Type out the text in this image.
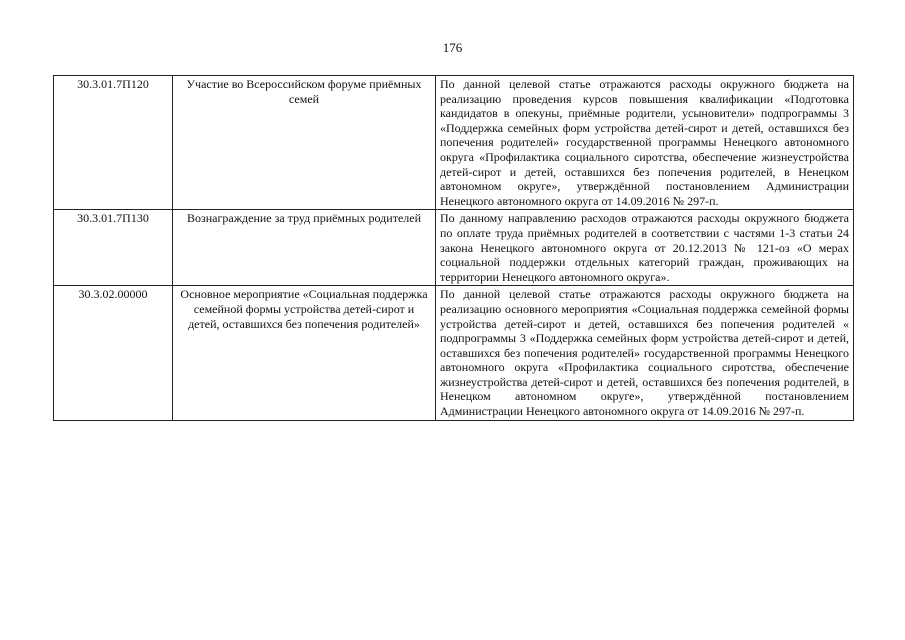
176
30.3.01.7П120	Участие во Всероссийском форуме приёмных семей	По данной целевой статье отражаются расходы окружного бюджета на реализацию проведения курсов повышения квалификации «Подготовка кандидатов в опекуны, приёмные родители, усыновители» подпрограммы 3 «Поддержка семейных форм устройства детей-сирот и детей, оставшихся без попечения родителей» государственной программы Ненецкого автономного округа «Профилактика социального сиротства, обеспечение жизнеустройства детей-сирот и детей, оставшихся без попечения родителей, в Ненецком автономном округе», утверждённой постановлением Администрации Ненецкого автономного округа от 14.09.2016 № 297-п.
30.3.01.7П130	Вознаграждение за труд приёмных родителей	По данному направлению расходов отражаются расходы окружного бюджета по оплате труда приёмных родителей в соответствии с частями 1-3 статьи 24 закона Ненецкого автономного округа от 20.12.2013 № 121-оз «О мерах социальной поддержки отдельных категорий граждан, проживающих на территории Ненецкого автономного округа».
30.3.02.00000	Основное мероприятие «Социальная поддержка семейной формы устройства детей-сирот и детей, оставшихся без попечения родителей»	По данной целевой статье отражаются расходы окружного бюджета на реализацию основного мероприятия «Социальная поддержка семейной формы устройства детей-сирот и детей, оставшихся без попечения родителей « подпрограммы 3 «Поддержка семейных форм устройства детей-сирот и детей, оставшихся без попечения родителей» государственной программы Ненецкого автономного округа «Профилактика социального сиротства, обеспечение жизнеустройства детей-сирот и детей, оставшихся без попечения родителей, в Ненецком автономном округе», утверждённой постановлением Администрации Ненецкого автономного округа от 14.09.2016 № 297-п.
